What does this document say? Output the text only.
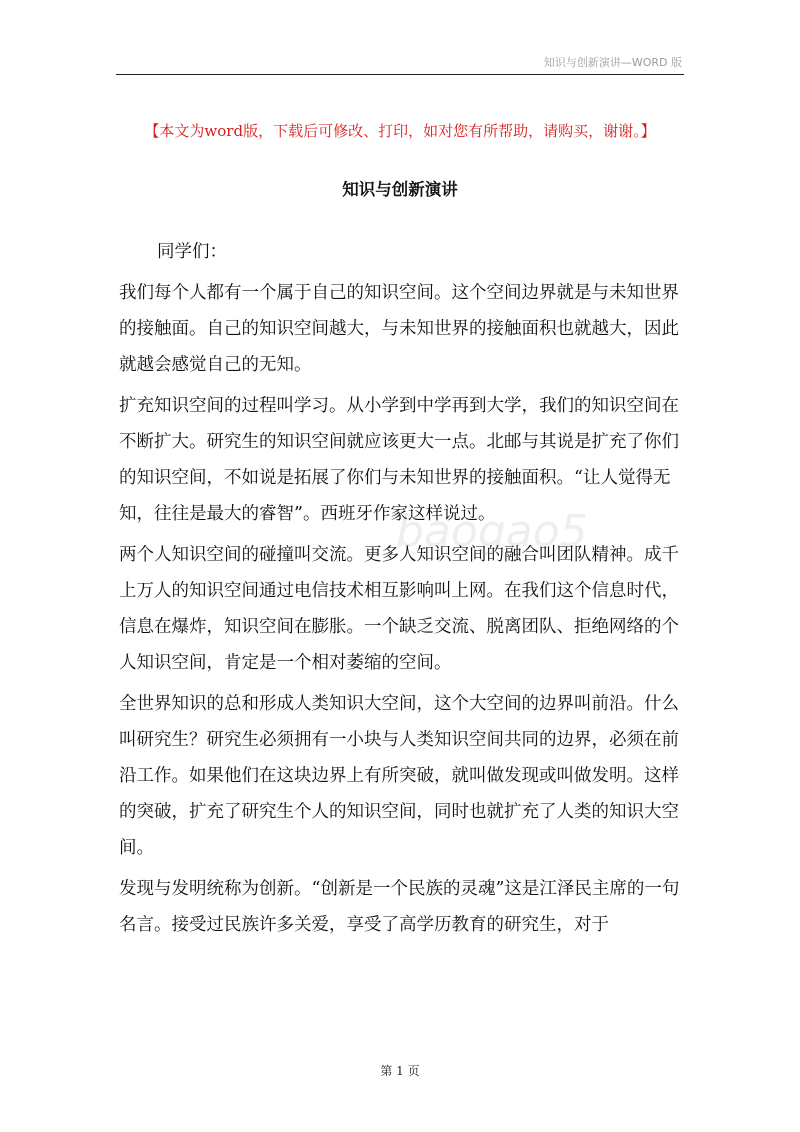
知识与创新演讲—WORD 版
【本文为word版，下载后可修改、打印，如对您有所帮助，请购买，谢谢。】
知识与创新演讲

同学们：

我们每个人都有一个属于自己的知识空间。这个空间边界就是与未知世界的接触面。自己的知识空间越大，与未知世界的接触面积也就越大，因此就越会感觉自己的无知。

扩充知识空间的过程叫学习。从小学到中学再到大学，我们的知识空间在不断扩大。研究生的知识空间就应该更大一点。北邮与其说是扩充了你们的知识空间，不如说是拓展了你们与未知世界的接触面积。“让人觉得无知，往往是最大的睿智”。西班牙作家这样说过。

两个人知识空间的碰撞叫交流。更多人知识空间的融合叫团队精神。成千上万人的知识空间通过电信技术相互影响叫上网。在我们这个信息时代，信息在爆炸，知识空间在膨胀。一个缺乏交流、脱离团队、拒绝网络的个人知识空间，肯定是一个相对萎缩的空间。

全世界知识的总和形成人类知识大空间，这个大空间的边界叫前沿。什么叫研究生？研究生必须拥有一小块与人类知识空间共同的边界，必须在前沿工作。如果他们在这块边界上有所突破，就叫做发现或叫做发明。这样的突破，扩充了研究生个人的知识空间，同时也就扩充了人类的知识大空间。

发现与发明统称为创新。“创新是一个民族的灵魂”这是江泽民主席的一句名言。接受过民族许多关爱，享受了高学历教育的研究生，对于

baogao5
第 1 页
